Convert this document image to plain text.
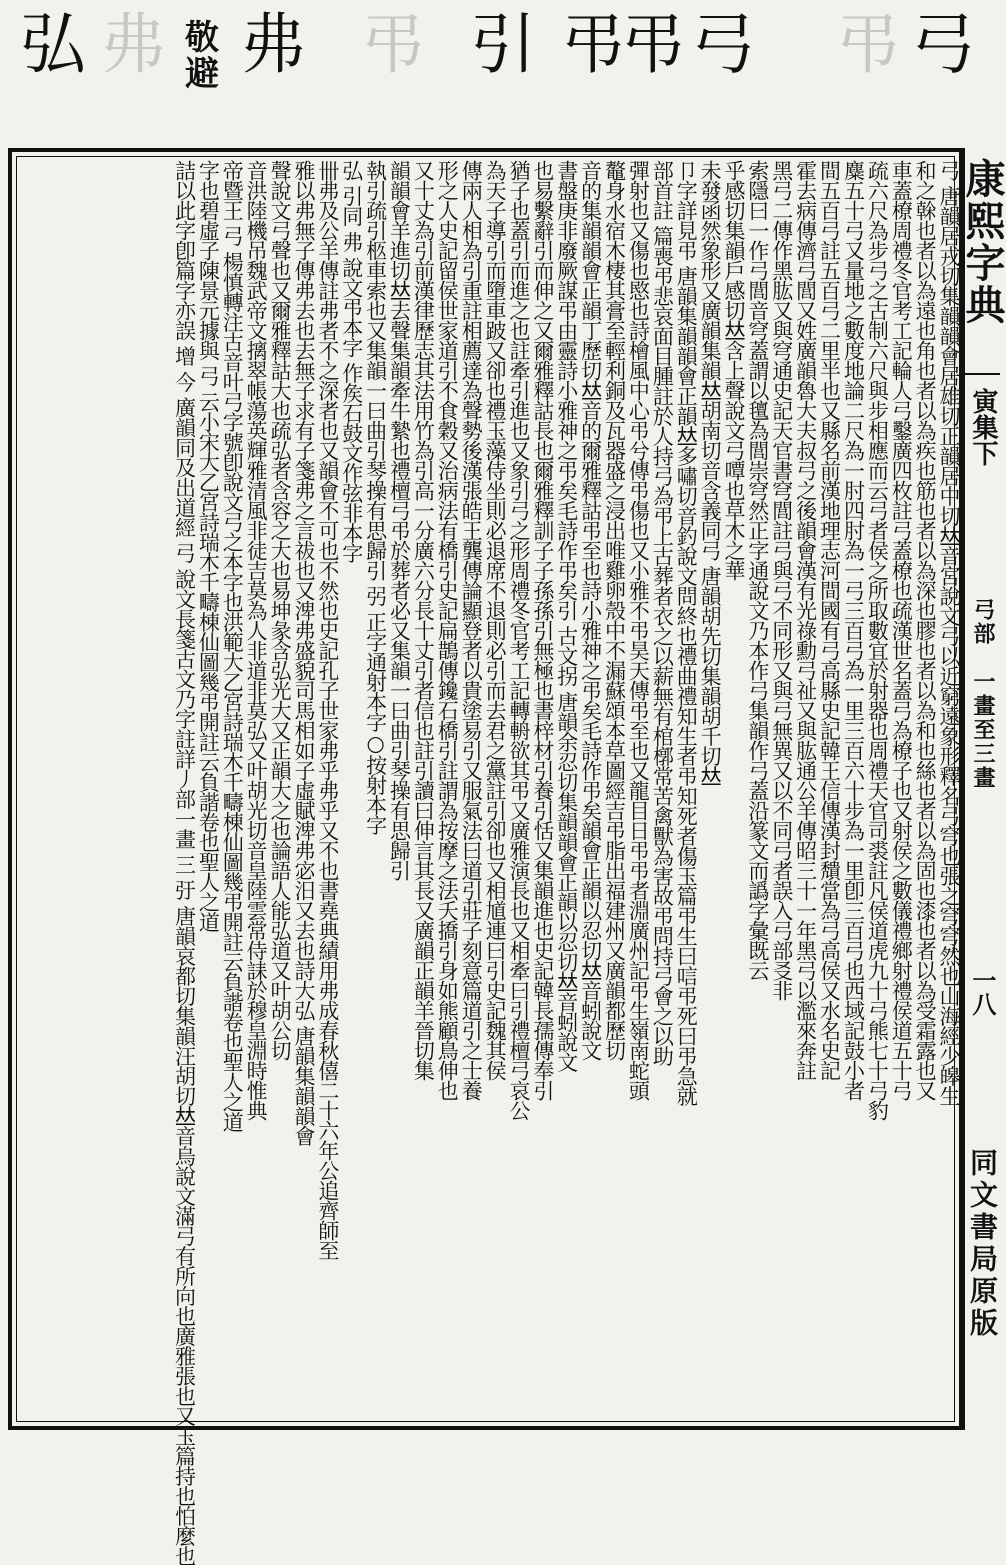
弓
弔
弓
弔
弔
引
弔
弗
敬避
弗
弘
弓 唐韻居戎切集韻韻會居雄切正韻居中切𠀤音宮說文弓以近窮遠象形釋名弓穹也張之穹穹然也山海經少皞生
和之榦也者以為遠也角也者以為疾也筋也者以為深也膠也者以為和也絲也者以為固也漆也者以為受霜露也又
車蓋橑周禮冬官考工記輪人弓鑿廣四枚註弓蓋橑也疏漢世名蓋弓為橑子也又射侯之數儀禮鄉射禮侯道五十弓
疏六尺為步弓之古制六尺與步相應而云弓者侯之所取數宜於射器也周禮天官司裘註凡侯道虎九十弓熊七十弓豹
麋五十弓又量地之數度地論二尺為一肘四肘為一弓三百弓為一里三百六十步為一里卽三百弓也西域記鼓小者
間五百弓註五百弓二里半也又縣名前漢地理志河間國有弓高縣史記韓王信傳漢封穨當為弓高侯又水名史記
霍去病傳濟弓閭又姓廣韻魯大夫叔弓之後韻會漢有光祿勳弓祉又與肱通公羊傳昭三十一年黑弓以濫來奔註
黑弓二傳作黑肱又與穹通史記天官書穹閭註弓與弓不同形又與弓無異又以不同弓者誤入弓部㕛非
索隱曰一作弓閭音穹蓋謂以氊為閭崇穹然正字通說文乃本作弓集韻作弓蓋沿篆文而譌字彙既云
乎感切集韻戶感切𠀤含上聲說文弓嘾也草木之華
未發函然象形又廣韻集韻𠀤胡南切音含義同弓 唐韻胡先切集韻胡千切𠀤
卩字詳見弔 唐韻集韻韻會正韻𠀤多嘯切音釣說文問終也禮曲禮知生者弔知死者傷玉篇弔生曰唁弔死曰弔急就
部首註 篇喪弔悲哀面目腫註於人持弓為弔上古葬者衣之以薪無有棺槨常苦禽獸為害故弔問持弓會之以助
彈射也又傷也愍也詩檜風中心弔兮傳弔傷也又小雅不弔昊天傳弔至也又龍目日弔弔者淵廣州記弔生嶺南蛇頭
鼇身水宿木棲其膏至輕利銅及瓦器盛之浸出唯雞卵殼中不漏蘇頌本草圖經吉弔脂出福建州又廣韻都歷切
音的集韻韻會正韻丁歷切𠀤音的爾雅釋詁弔至也詩小雅神之弔矣毛詩作弔矣韻會正韻以忍切𠀤音蚓說文
書盤庚非廢厥謀弔由靈詩小雅神之弔矣毛詩作弔矣引 古文拐 唐韻余忍切集韻韻會正韻以忍切𠀤音蚓說文
也易繫辭引而伸之又爾雅釋詁長也爾雅釋訓子子孫孫引無極也書梓材引養引恬又集韻進也史記韓長孺傳奉引
猶子也蓋引而進之也註牽引進也又象引弓之形周禮冬官考工記轉輈欲其弔又廣雅演長也又相牽曰引禮檀弓哀公
為天子導引而墮車跛又卻也禮玉藻侍坐則必退席不退則必引而去君之黨註引卻也又相馗連曰引史記魏其侯
傳兩人相為引重註相薦達為聲勢後漢張皓王龔傳論顯登者以貴塗易引又服氣法曰道引莊子刻意篇道引之士養
形之人史記留侯世家道引不食穀又治病法有橋引史記扁鵲傳鑱石橋引註謂為按摩之法夭撟引身如熊顧鳥伸也
又十丈為引前漢律歷志其法用竹為引高一分廣六分長十丈引者信也註引讀曰伸言其長又廣韻正韻羊晉切集
韻韻會羊進切𠀤去聲集韻牽牛縶也禮檀弓弔於葬者必又集韻一曰曲引琴操有思歸引
執引疏引柩車索也又集韻一曰曲引琴操有思歸引 弜 正字通射本字○按射本字
弘 引同 弗 說文弔本字 作矦石鼓文作弦非本字
卌弗及公羊傳註弗者不之深者也又韻會不可也不然也史記孔子世家弗乎弗乎又不也書堯典績用弗成春秋僖二十六年公追齊師至
雅以弗無子傳弗去也去無子求有子箋弗之言祓也又渒弗盛貌司馬相如子虛賦渒弗宓汨又去也詩大弘 唐韻集韻韻會
聲說文弓聲也又爾雅釋詁大也疏弘者含容之大也易坤彖含弘光大又正韻大之也論語人能弘道又叶胡公切
音洪陸機吊魏武帝文摛翠帳蕩英輝雅清風非徒吉莫為人非道非莫弘又叶胡光切音皇陸雲常侍誄於穆皇淵時惟典
帝暨王 弓 楊慎轉注古音叶弓字號卽說文弓之本字也洪範大乙宮詩瑞木千疇棟仙圖幾弔開註云負諧卷也聖人之道
字也碧虛子陳景元據與 弓 云小宋大乙宮詩瑞木千疇棟仙圖幾弔開註云負諧卷也聖人之道
詰以此字卽篇字亦誤 增 今 廣韻同及出道經 弓 說文長箋古文乃字註詳丿部一畫 三 弙 唐韻哀都切集韻汪胡切𠀤音烏說文滿弓有所向也廣雅張也又玉篇持也怕麼也	康熙字典
寅集下
弓部　一畫至三畫
一八
同文書局原版
